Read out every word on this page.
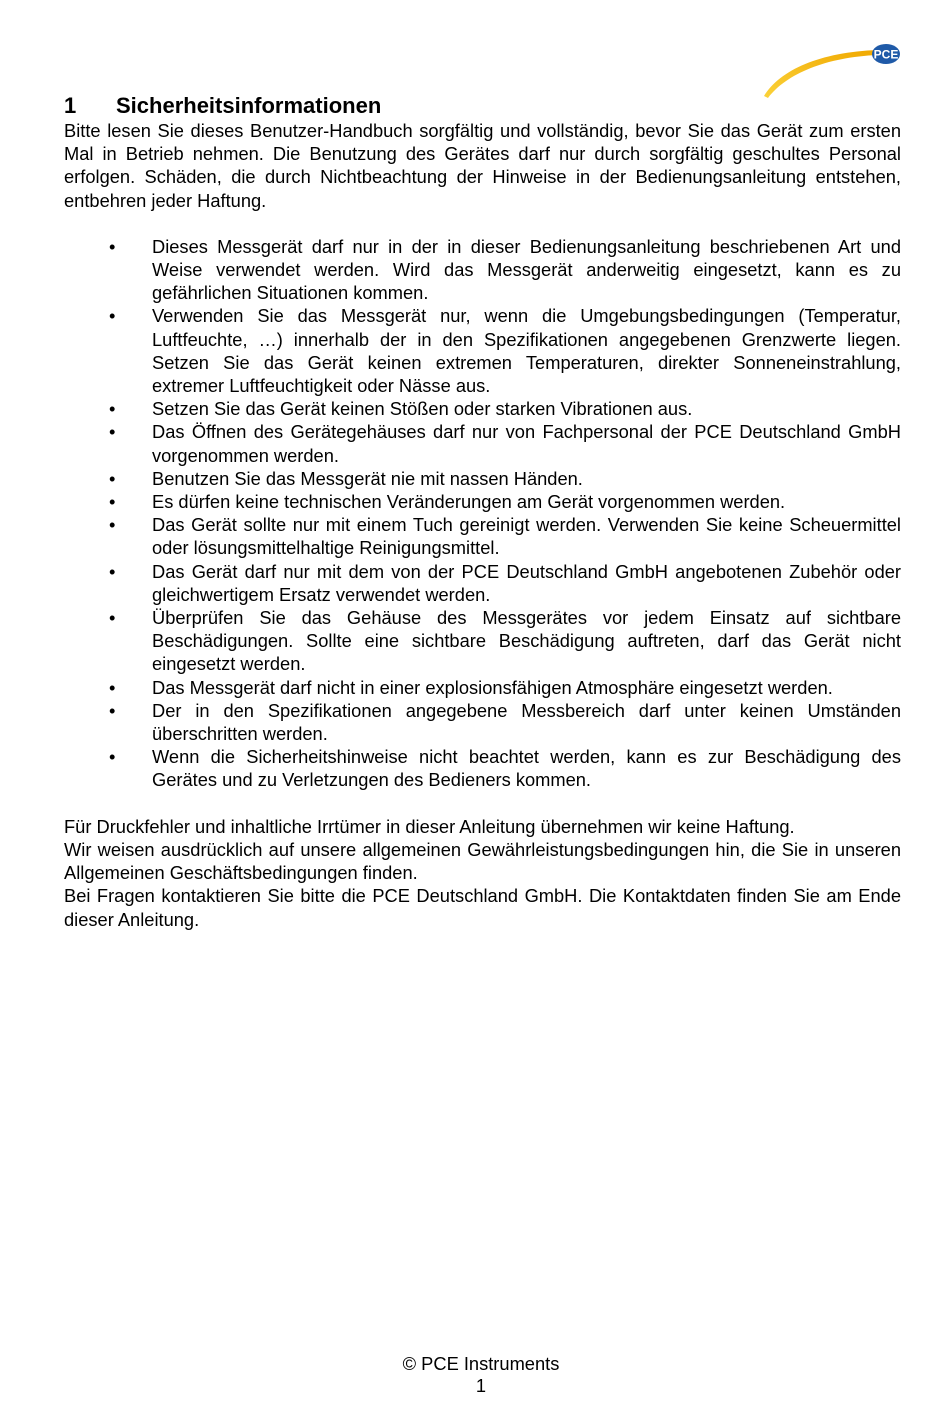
PCE
1	Sicherheitsinformationen

Bitte lesen Sie dieses Benutzer-Handbuch sorgfältig und vollständig, bevor Sie das Gerät zum ersten Mal in Betrieb nehmen. Die Benutzung des Gerätes darf nur durch sorgfältig geschultes Personal erfolgen. Schäden, die durch Nichtbeachtung der Hinweise in der Bedienungsanleitung entstehen, entbehren jeder Haftung.

• Dieses Messgerät darf nur in der in dieser Bedienungsanleitung beschriebenen Art und Weise verwendet werden. Wird das Messgerät anderweitig eingesetzt, kann es zu gefährlichen Situationen kommen.
• Verwenden Sie das Messgerät nur, wenn die Umgebungsbedingungen (Temperatur, Luftfeuchte, …) innerhalb der in den Spezifikationen angegebenen Grenzwerte liegen. Setzen Sie das Gerät keinen extremen Temperaturen, direkter Sonneneinstrahlung, extremer Luftfeuchtigkeit oder Nässe aus.
• Setzen Sie das Gerät keinen Stößen oder starken Vibrationen aus.
• Das Öffnen des Gerätegehäuses darf nur von Fachpersonal der PCE Deutschland GmbH vorgenommen werden.
• Benutzen Sie das Messgerät nie mit nassen Händen.
• Es dürfen keine technischen Veränderungen am Gerät vorgenommen werden.
• Das Gerät sollte nur mit einem Tuch gereinigt werden. Verwenden Sie keine Scheuermittel oder lösungsmittelhaltige Reinigungsmittel.
• Das Gerät darf nur mit dem von der PCE Deutschland GmbH angebotenen Zubehör oder gleichwertigem Ersatz verwendet werden.
• Überprüfen Sie das Gehäuse des Messgerätes vor jedem Einsatz auf sichtbare Beschädigungen. Sollte eine sichtbare Beschädigung auftreten, darf das Gerät nicht eingesetzt werden.
• Das Messgerät darf nicht in einer explosionsfähigen Atmosphäre eingesetzt werden.
• Der in den Spezifikationen angegebene Messbereich darf unter keinen Umständen überschritten werden.
• Wenn die Sicherheitshinweise nicht beachtet werden, kann es zur Beschädigung des Gerätes und zu Verletzungen des Bedieners kommen.

Für Druckfehler und inhaltliche Irrtümer in dieser Anleitung übernehmen wir keine Haftung.

Wir weisen ausdrücklich auf unsere allgemeinen Gewährleistungsbedingungen hin, die Sie in unseren Allgemeinen Geschäftsbedingungen finden.

Bei Fragen kontaktieren Sie bitte die PCE Deutschland GmbH. Die Kontaktdaten finden Sie am Ende dieser Anleitung.

© PCE Instruments
1
